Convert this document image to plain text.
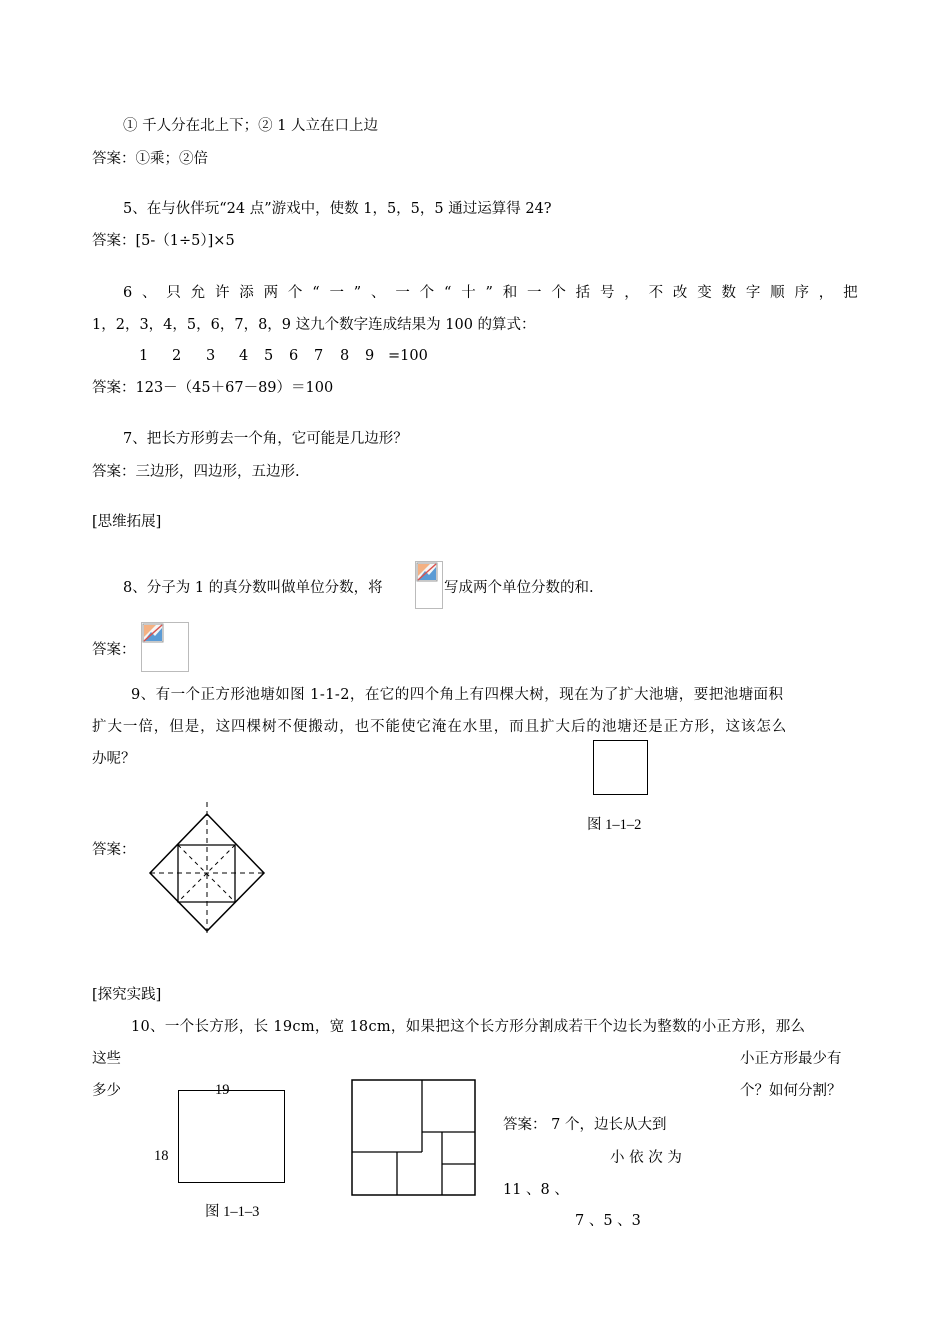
① 千人分在北上下；② 1 人立在口上边
答案：①乘；②倍
5、在与伙伴玩“24 点”游戏中，使数 1，5，5，5 通过运算得 24?
答案：[5-（1÷5）]×5
6 、 只 允 许 添 两 个 “ 一 ” 、 一 个 “ 十 ” 和 一 个 括 号 ， 不 改 变 数 字 顺 序 ， 把
1，2，3，4，5，6，7，8，9 这九个数字连成结果为 100 的算式：
1 2 3 4 5 6 7 8 9 =100
答案：123－（45＋67－89）＝100
7、把长方形剪去一个角，它可能是几边形？
答案：三边形，四边形，五边形.
[思维拓展]
8、分子为 1 的真分数叫做单位分数，将	写成两个单位分数的和.
答案：
9、有一个正方形池塘如图 1-1-2，在它的四个角上有四棵大树，现在为了扩大池塘，要把池塘面积
扩大一倍，但是，这四棵树不便搬动，也不能使它淹在水里，而且扩大后的池塘还是正方形，这该怎么
办呢？
图 1–1–2
答案：
[探究实践]
10、一个长方形，长 19cm，宽 18cm，如果把这个长方形分割成若干个边长为整数的小正方形，那么
这些	小正方形最少有
多少	个？如何分割？
19
18
图 1–1–3
答案： 7 个，边长从大到
小 依 次 为
11 、8 、
7 、5 、3
